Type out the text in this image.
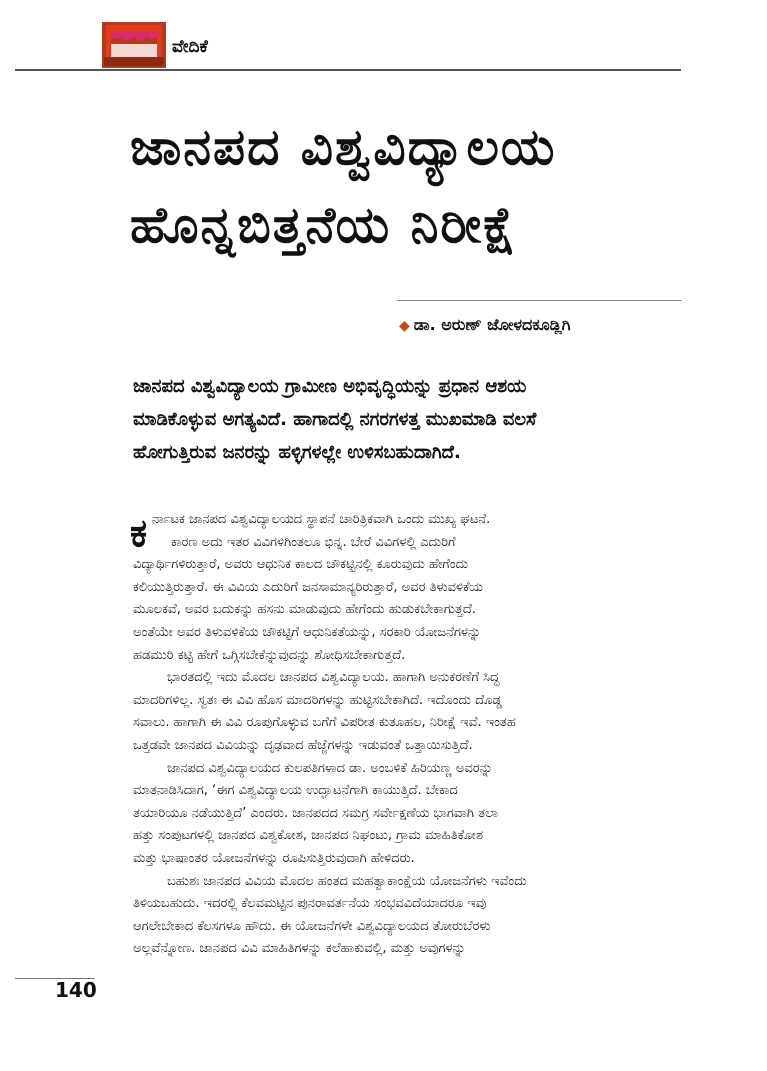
ವೇದಿಕೆ
ಜಾನಪದ ವಿಶ್ವವಿದ್ಯಾಲಯ
ಹೊನ್ನಬಿತ್ತನೆಯ ನಿರೀಕ್ಷೆ
◆ ಡಾ. ಅರುಣ್ ಜೋಳದಕೂಡ್ಲಿಗಿ
ಜಾನಪದ ವಿಶ್ವವಿದ್ಯಾಲಯ ಗ್ರಾಮೀಣ ಅಭಿವೃದ್ಧಿಯನ್ನು ಪ್ರಧಾನ ಆಶಯ
ಮಾಡಿಕೊಳ್ಳುವ ಅಗತ್ಯವಿದೆ. ಹಾಗಾದಲ್ಲಿ ನಗರಗಳತ್ತ ಮುಖಮಾಡಿ ವಲಸೆ
ಹೋಗುತ್ತಿರುವ ಜನರನ್ನು ಹಳ್ಳಿಗಳಲ್ಲೇ ಉಳಿಸಬಹುದಾಗಿದೆ.
ಕ ರ್ನಾಟಕ ಜಾನಪದ ವಿಶ್ವವಿದ್ಯಾಲಯದ ಸ್ಥಾಪನೆ ಚಾರಿತ್ರಿಕವಾಗಿ ಒಂದು ಮುಖ್ಯ ಘಟನೆ.
ಕಾರಣ ಅದು ಇತರ ವಿವಿಗಳಿಗಿಂತಲೂ ಭಿನ್ನ. ಬೇರೆ ವಿವಿಗಳಲ್ಲಿ ಎದುರಿಗೆ
ವಿದ್ಯಾರ್ಥಿಗಳಿರುತ್ತಾರೆ, ಅವರು ಆಧುನಿಕ ಕಾಲದ ಚೌಕಟ್ಟಿನಲ್ಲಿ ಕೂರುವುದು ಹೇಗೆಂದು
ಕಲಿಯುತ್ತಿರುತ್ತಾರೆ. ಈ ವಿವಿಯ ಎದುರಿಗೆ ಜನಸಾಮಾನ್ಯರಿರುತ್ತಾರೆ, ಅವರ ತಿಳುವಳಿಕೆಯ
ಮೂಲಕವೆ, ಅವರ ಬದುಕನ್ನು ಹಸನು ಮಾಡುವುದು ಹೇಗೆಂದು ಹುಡುಕಬೇಕಾಗುತ್ತದೆ.
ಅಂತೆಯೇ ಅವರ ತಿಳುವಳಿಕೆಯ ಚೌಕಟ್ಟಿಗೆ ಆಧುನಿಕತೆಯನ್ನು, ಸರಕಾರಿ ಯೋಜನೆಗಳನ್ನು
ಹಡಮುರಿ ಕಟ್ಟಿ ಹೇಗೆ ಒಗ್ಗಿಸಬೇಕೆನ್ನುವುದನ್ನು ಶೋಧಿಸಬೇಕಾಗುತ್ತದೆ.
ಭಾರತದಲ್ಲಿ ಇದು ಮೊದಲ ಜಾನಪದ ವಿಶ್ವವಿದ್ಯಾಲಯ. ಹಾಗಾಗಿ ಅನುಕರಣೆಗೆ ಸಿದ್ಧ
ಮಾದರಿಗಳಿಲ್ಲ. ಸ್ವತಃ ಈ ವಿವಿ ಹೊಸ ಮಾದರಿಗಳನ್ನು ಹುಟ್ಟಿಸಬೇಕಾಗಿದೆ. ಇದೊಂದು ದೊಡ್ಡ
ಸವಾಲು. ಹಾಗಾಗಿ ಈ ವಿವಿ ರೂಪುಗೊಳ್ಳುವ ಬಗೆಗೆ ವಿಪರೀತ ಕುತೂಹಲ, ನಿರೀಕ್ಷೆ ಇವೆ. ಇಂತಹ
ಒತ್ತಡವೇ ಜಾನಪದ ವಿವಿಯನ್ನು ದೃಢವಾದ ಹೆಜ್ಜೆಗಳನ್ನು ಇಡುವಂತೆ ಒತ್ತಾಯಿಸುತ್ತಿದೆ.
ಜಾನಪದ ವಿಶ್ವವಿದ್ಯಾಲಯದ ಕುಲಪತಿಗಳಾದ ಡಾ. ಅಂಬಳಿಕೆ ಹಿರಿಯಣ್ಣ ಅವರನ್ನು
ಮಾತನಾಡಿಸಿದಾಗ, ‘ಈಗ ವಿಶ್ವವಿದ್ಯಾಲಯ ಉದ್ಘಾಟನೆಗಾಗಿ ಕಾಯುತ್ತಿದೆ. ಬೇಕಾದ
ತಯಾರಿಯೂ ನಡೆಯುತ್ತಿದೆ’ ಎಂದರು. ಜಾನಪದದ ಸಮಗ್ರ ಸರ್ವೇಕ್ಷಣೆಯ ಭಾಗವಾಗಿ ತಲಾ
ಹತ್ತು ಸಂಪುಟಗಳಲ್ಲಿ ಜಾನಪದ ವಿಶ್ವಕೋಶ, ಜಾನಪದ ನಿಘಂಟು, ಗ್ರಾಮ ಮಾಹಿತಿಕೋಶ
ಮತ್ತು ಭಾಷಾಂತರ ಯೋಜನೆಗಳನ್ನು ರೂಪಿಸುತ್ತಿರುವುದಾಗಿ ಹೇಳಿದರು.
ಬಹುಶಃ ಜಾನಪದ ವಿವಿಯ ಮೊದಲ ಹಂತದ ಮಹತ್ವಾಕಾಂಕ್ಷೆಯ ಯೋಜನೆಗಳು ಇವೆಂದು
ತಿಳಿಯಬಹುದು. ಇದರಲ್ಲಿ ಕೆಲವಮಟ್ಟಿನ ಪುನರಾವರ್ತನೆಯ ಸಂಭವವಿದೆಯಾದರೂ ಇವು
ಆಗಲೇಬೇಕಾದ ಕೆಲಸಗಳೂ ಹೌದು. ಈ ಯೋಜನೆಗಳೇ ವಿಶ್ವವಿದ್ಯಾಲಯದ ತೋರುಬೆರಳು
ಅಲ್ಲವೆನ್ನೋಣ. ಜಾನಪದ ವಿವಿ ಮಾಹಿತಿಗಳನ್ನು ಕಲೆಹಾಕುವಲ್ಲಿ, ಮತ್ತು ಅವುಗಳನ್ನು
140
